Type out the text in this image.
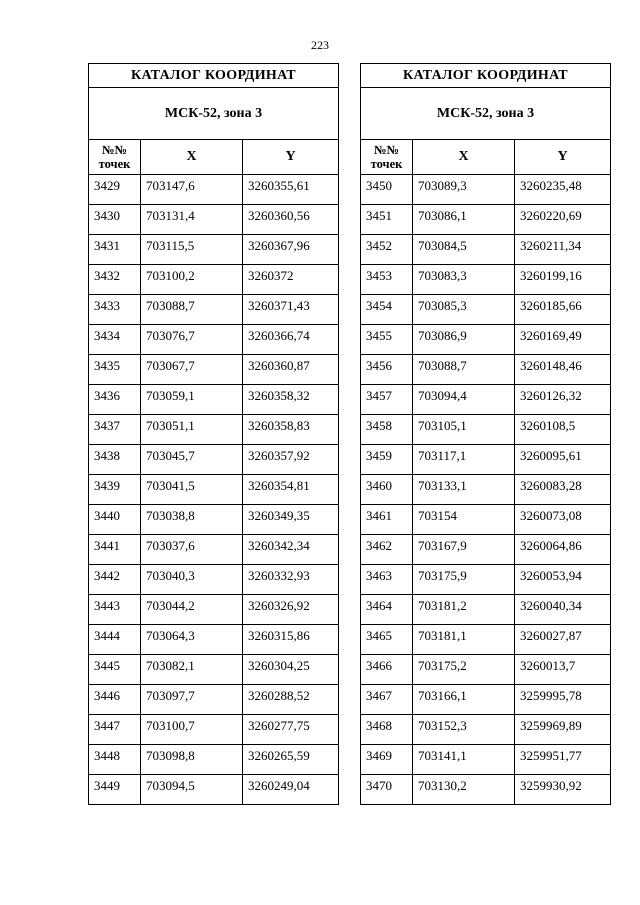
223
КАТАЛОГ КООРДИНАТ		
МСК-52, зона 3		

№№
точек	X	Y
3429	703147,6	3260355,61
3430	703131,4	3260360,56
3431	703115,5	3260367,96
3432	703100,2	3260372
3433	703088,7	3260371,43
3434	703076,7	3260366,74
3435	703067,7	3260360,87
3436	703059,1	3260358,32
3437	703051,1	3260358,83
3438	703045,7	3260357,92
3439	703041,5	3260354,81
3440	703038,8	3260349,35
3441	703037,6	3260342,34
3442	703040,3	3260332,93
3443	703044,2	3260326,92
3444	703064,3	3260315,86
3445	703082,1	3260304,25
3446	703097,7	3260288,52
3447	703100,7	3260277,75
3448	703098,8	3260265,59
3449	703094,5	3260249,04
КАТАЛОГ КООРДИНАТ		
МСК-52, зона 3		

№№
точек	X	Y
3450	703089,3	3260235,48
3451	703086,1	3260220,69
3452	703084,5	3260211,34
3453	703083,3	3260199,16
3454	703085,3	3260185,66
3455	703086,9	3260169,49
3456	703088,7	3260148,46
3457	703094,4	3260126,32
3458	703105,1	3260108,5
3459	703117,1	3260095,61
3460	703133,1	3260083,28
3461	703154	3260073,08
3462	703167,9	3260064,86
3463	703175,9	3260053,94
3464	703181,2	3260040,34
3465	703181,1	3260027,87
3466	703175,2	3260013,7
3467	703166,1	3259995,78
3468	703152,3	3259969,89
3469	703141,1	3259951,77
3470	703130,2	3259930,92
